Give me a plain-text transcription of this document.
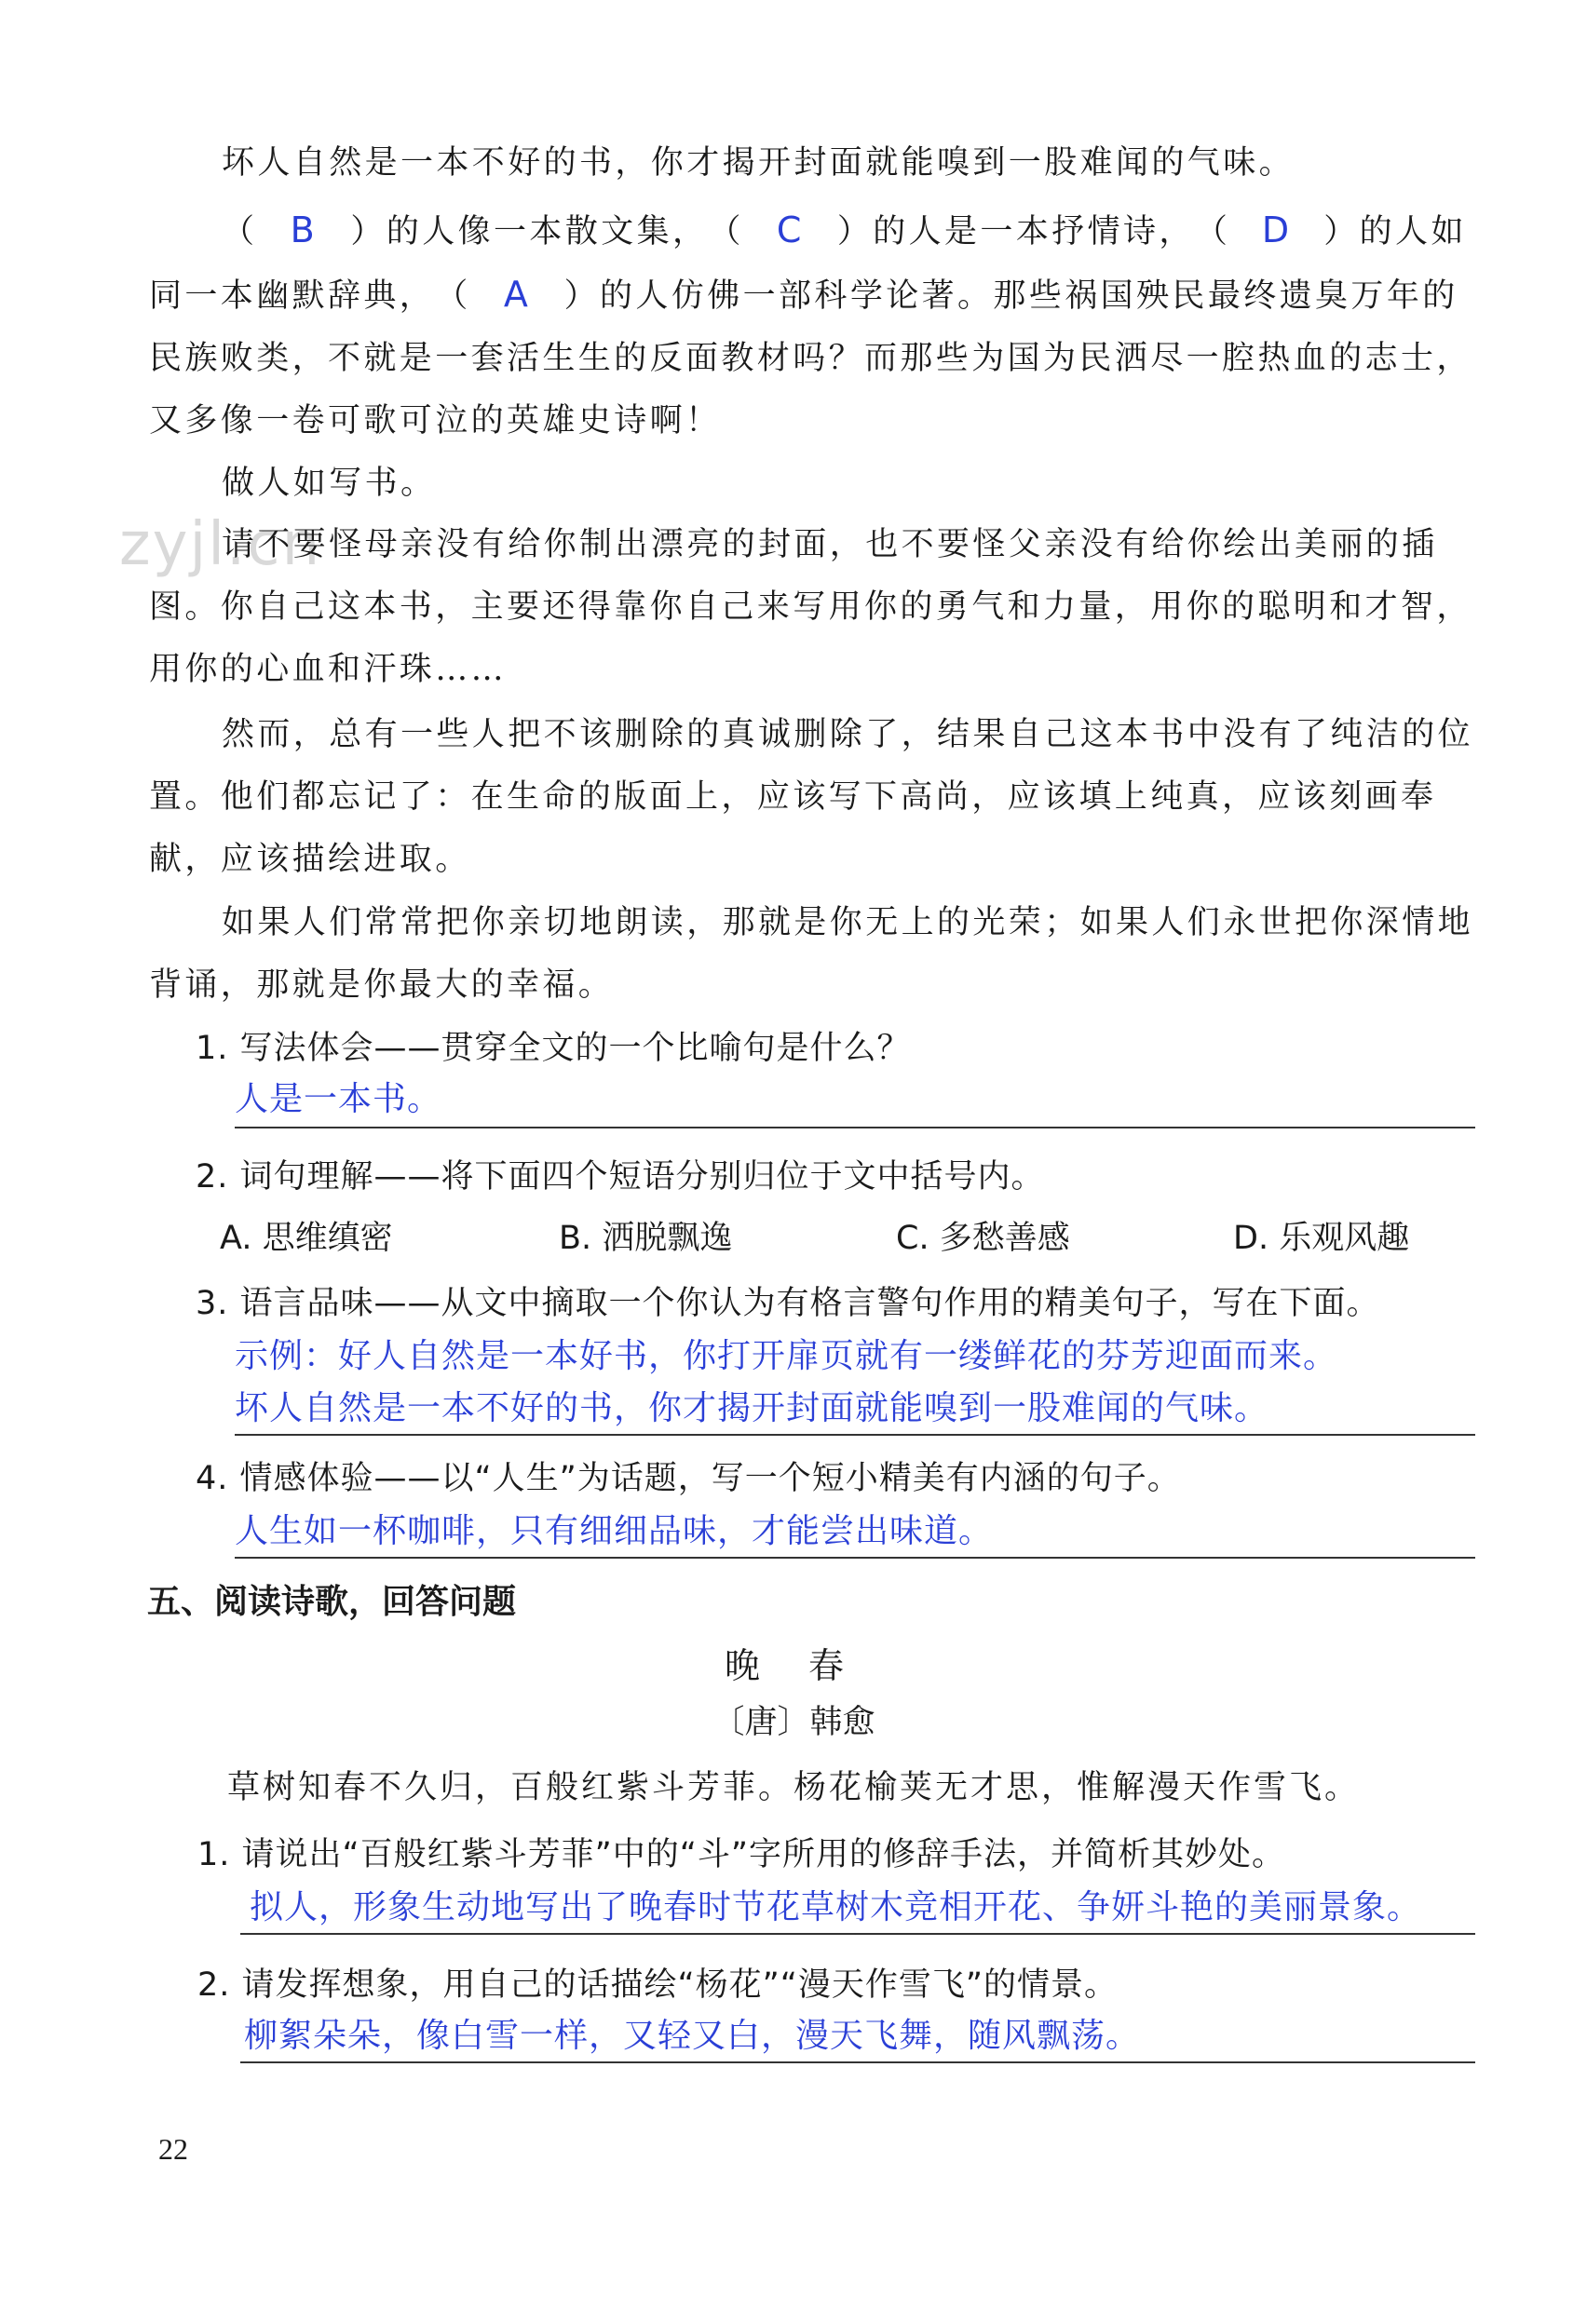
zyjl.cn

坏人自然是一本不好的书，你才揭开封面就能嗅到一股难闻的气味。

（ B ）的人像一本散文集，（ C ）的人是一本抒情诗，（ D ）的人如同一本幽默辞典，（ A ）的人仿佛一部科学论著。那些祸国殃民最终遗臭万年的民族败类，不就是一套活生生的反面教材吗？而那些为国为民洒尽一腔热血的志士，又多像一卷可歌可泣的英雄史诗啊！

做人如写书。

请不要怪母亲没有给你制出漂亮的封面，也不要怪父亲没有给你绘出美丽的插图。你自己这本书，主要还得靠你自己来写用你的勇气和力量，用你的聪明和才智，用你的心血和汗珠……

然而，总有一些人把不该删除的真诚删除了，结果自己这本书中没有了纯洁的位置。他们都忘记了：在生命的版面上，应该写下高尚，应该填上纯真，应该刻画奉献，应该描绘进取。

如果人们常常把你亲切地朗读，那就是你无上的光荣；如果人们永世把你深情地背诵，那就是你最大的幸福。

1. 写法体会——贯穿全文的一个比喻句是什么？
人是一本书。
2. 词句理解——将下面四个短语分别归位于文中括号内。
A. 思维缜密	B. 洒脱飘逸	C. 多愁善感	D. 乐观风趣
3. 语言品味——从文中摘取一个你认为有格言警句作用的精美句子，写在下面。
示例：好人自然是一本好书，你打开扉页就有一缕鲜花的芬芳迎面而来。
坏人自然是一本不好的书，你才揭开封面就能嗅到一股难闻的气味。
4. 情感体验——以“人生”为话题，写一个短小精美有内涵的句子。
人生如一杯咖啡，只有细细品味，才能尝出味道。
五、阅读诗歌，回答问题
晚 春
〔唐〕韩愈
草树知春不久归，百般红紫斗芳菲。杨花榆荚无才思，惟解漫天作雪飞。
1. 请说出“百般红紫斗芳菲”中的“斗”字所用的修辞手法，并简析其妙处。
拟人，形象生动地写出了晚春时节花草树木竞相开花、争妍斗艳的美丽景象。
2. 请发挥想象，用自己的话描绘“杨花”“漫天作雪飞”的情景。
柳絮朵朵，像白雪一样，又轻又白，漫天飞舞，随风飘荡。
22
